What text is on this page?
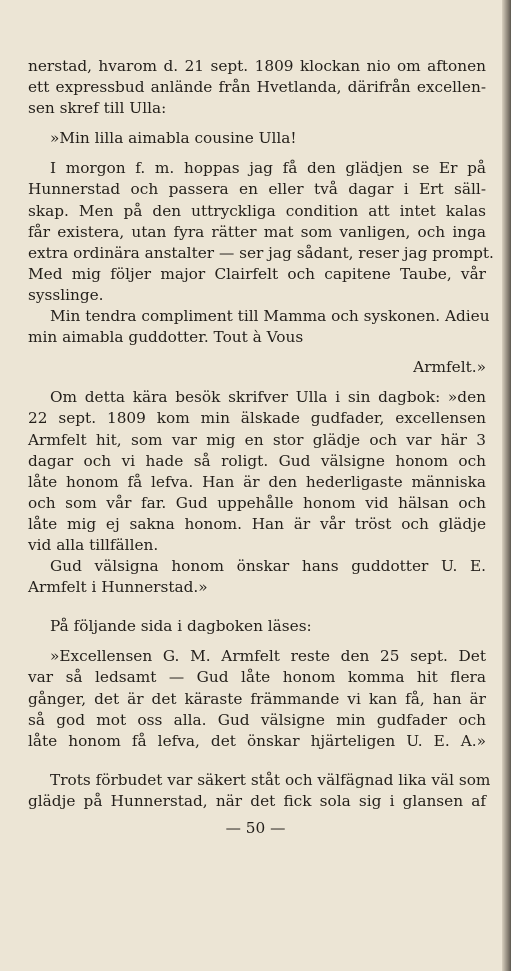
nerstad, hvarom d. 21 sept. 1809 klockan nio om aftonen
ett expressbud anlände från Hvetlanda, därifrån excellen-
sen skref till Ulla:

»Min lilla aimabla cousine Ulla!

I morgon f. m. hoppas jag få den glädjen se Er på
Hunnerstad och passera en eller två dagar i Ert säll-
skap. Men på den uttryckliga condition att intet kalas
får existera, utan fyra rätter mat som vanligen, och inga
extra ordinära anstalter — ser jag sådant, reser jag prompt.
Med mig följer major Clairfelt och capitene Taube, vår
sysslinge.

Min tendra compliment till Mamma och syskonen. Adieu
min aimabla guddotter. Tout à Vous

Armfelt.»

Om detta kära besök skrifver Ulla i sin dagbok: »den
22 sept. 1809 kom min älskade gudfader, excellensen
Armfelt hit, som var mig en stor glädje och var här 3
dagar och vi hade så roligt. Gud välsigne honom och
låte honom få lefva. Han är den hederligaste människa
och som vår far. Gud uppehålle honom vid hälsan och
låte mig ej sakna honom. Han är vår tröst och glädje
vid alla tillfällen.

Gud välsigna honom önskar hans guddotter U. E.
Armfelt i Hunnerstad.»

På följande sida i dagboken läses:

»Excellensen G. M. Armfelt reste den 25 sept. Det
var så ledsamt — Gud låte honom komma hit flera
gånger, det är det käraste främmande vi kan få, han är
så god mot oss alla. Gud välsigne min gudfader och
låte honom få lefva, det önskar hjärteligen U. E. A.»

Trots förbudet var säkert ståt och välfägnad lika väl som
glädje på Hunnerstad, när det fick sola sig i glansen af

— 50 —
